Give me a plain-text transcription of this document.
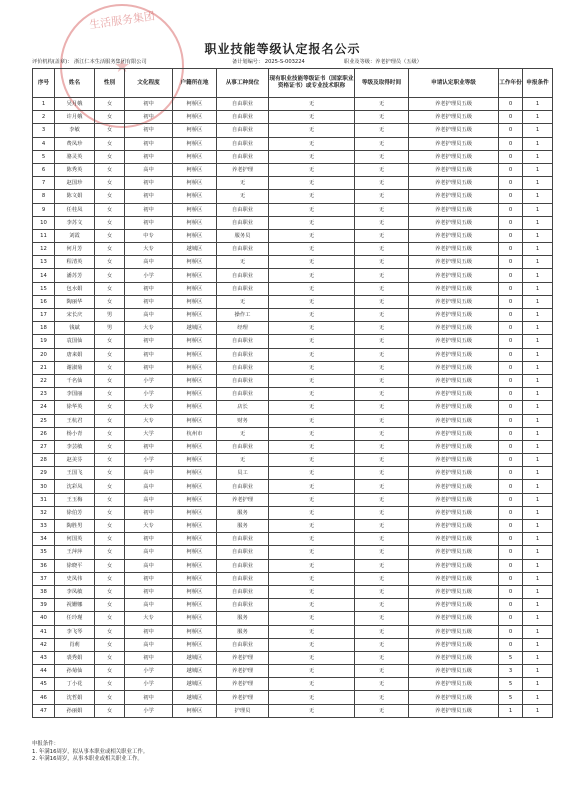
生活服务集团
★
职业技能等级认定报名公示
评价机构(盖章)： 浙江仁本生活服务集团有限公司	备计划编号： 2025-S-003224	职业及等级：养老护理员（五级）
序号	姓名	性别	文化程度	户籍所在地	从事工种岗位	现有职业技能等级证书（国家职业资格证书）或专业技术职称	等级及取得时间	申请认定职业等级	工作年份	申报条件
1	吴月娥	女	初中	柯桥区	自由职业	无	无	养老护理员五级	0	1
2	许月娥	女	初中	柯桥区	自由职业	无	无	养老护理员五级	0	1
3	李敏	女	初中	柯桥区	自由职业	无	无	养老护理员五级	0	1
4	费凤珍	女	初中	柯桥区	自由职业	无	无	养老护理员五级	0	1
5	骆灵英	女	初中	柯桥区	自由职业	无	无	养老护理员五级	0	1
6	陈秀英	女	高中	柯桥区	养老护理	无	无	养老护理员五级	0	1
7	赵国珍	女	初中	柯桥区	无	无	无	养老护理员五级	0	1
8	陈文娟	女	初中	柯桥区	无	无	无	养老护理员五级	0	1
9	任桂凤	女	初中	柯桥区	自由职业	无	无	养老护理员五级	0	1
10	李苏文	女	初中	柯桥区	自由职业	无	无	养老护理员五级	0	1
11	刘霞	女	中专	柯桥区	服务员	无	无	养老护理员五级	0	1
12	何月芳	女	大专	越城区	自由职业	无	无	养老护理员五级	0	1
13	程清英	女	高中	柯桥区	无	无	无	养老护理员五级	0	1
14	潘苏芳	女	小学	柯桥区	自由职业	无	无	养老护理员五级	0	1
15	包水娟	女	初中	柯桥区	自由职业	无	无	养老护理员五级	0	1
16	陶丽华	女	初中	柯桥区	无	无	无	养老护理员五级	0	1
17	宋长庆	男	高中	柯桥区	操作工	无	无	养老护理员五级	0	1
18	钱斌	男	大专	越城区	经理	无	无	养老护理员五级	0	1
19	袁国仙	女	初中	柯桥区	自由职业	无	无	养老护理员五级	0	1
20	唐来娟	女	初中	柯桥区	自由职业	无	无	养老护理员五级	0	1
21	谢淑菊	女	初中	柯桥区	自由职业	无	无	养老护理员五级	0	1
22	千名仙	女	小学	柯桥区	自由职业	无	无	养老护理员五级	0	1
23	李国丽	女	小学	柯桥区	自由职业	无	无	养老护理员五级	0	1
24	徐华英	女	大专	柯桥区	店长	无	无	养老护理员五级	0	1
25	王杭君	女	大专	柯桥区	财务	无	无	养老护理员五级	0	1
26	杨小青	女	大学	杭州市	无	无	无	养老护理员五级	0	1
27	李芸敏	女	初中	柯桥区	自由职业	无	无	养老护理员五级	0	1
28	赵美芬	女	小学	柯桥区	无	无	无	养老护理员五级	0	1
29	王国飞	女	高中	柯桥区	员工	无	无	养老护理员五级	0	1
30	沈彩凤	女	高中	柯桥区	自由职业	无	无	养老护理员五级	0	1
31	王玉梅	女	高中	柯桥区	养老护理	无	无	养老护理员五级	0	1
32	徐伯芳	女	初中	柯桥区	服务	无	无	养老护理员五级	0	1
33	陶胜男	女	大专	柯桥区	服务	无	无	养老护理员五级	0	1
34	何国英	女	初中	柯桥区	自由职业	无	无	养老护理员五级	0	1
35	王萍萍	女	高中	柯桥区	自由职业	无	无	养老护理员五级	0	1
36	徐晓平	女	高中	柯桥区	自由职业	无	无	养老护理员五级	0	1
37	史凤伟	女	初中	柯桥区	自由职业	无	无	养老护理员五级	0	1
38	李凤敏	女	初中	柯桥区	自由职业	无	无	养老护理员五级	0	1
39	祝姗娜	女	高中	柯桥区	自由职业	无	无	养老护理员五级	0	1
40	任玲瑾	女	大专	柯桥区	服务	无	无	养老护理员五级	0	1
41	李飞琴	女	初中	柯桥区	服务	无	无	养老护理员五级	0	1
42	肖莉	女	高中	柯桥区	自由职业	无	无	养老护理员五级	0	1
43	裘秀娟	女	初中	越城区	养老护理	无	无	养老护理员五级	5	1
44	孙菊仙	女	小学	越城区	养老护理	无	无	养老护理员五级	3	1
45	丁小花	女	小学	越城区	养老护理	无	无	养老护理员五级	5	1
46	沈哲娟	女	初中	越城区	养老护理	无	无	养老护理员五级	5	1
47	孙丽娟	女	小学	柯桥区	护理员	无	无	养老护理员五级	1	1
申报条件：
1. 年满16周岁，拟从事本职业或相关职业工作。
2. 年满16周岁，从事本职业或相关职业工作。
